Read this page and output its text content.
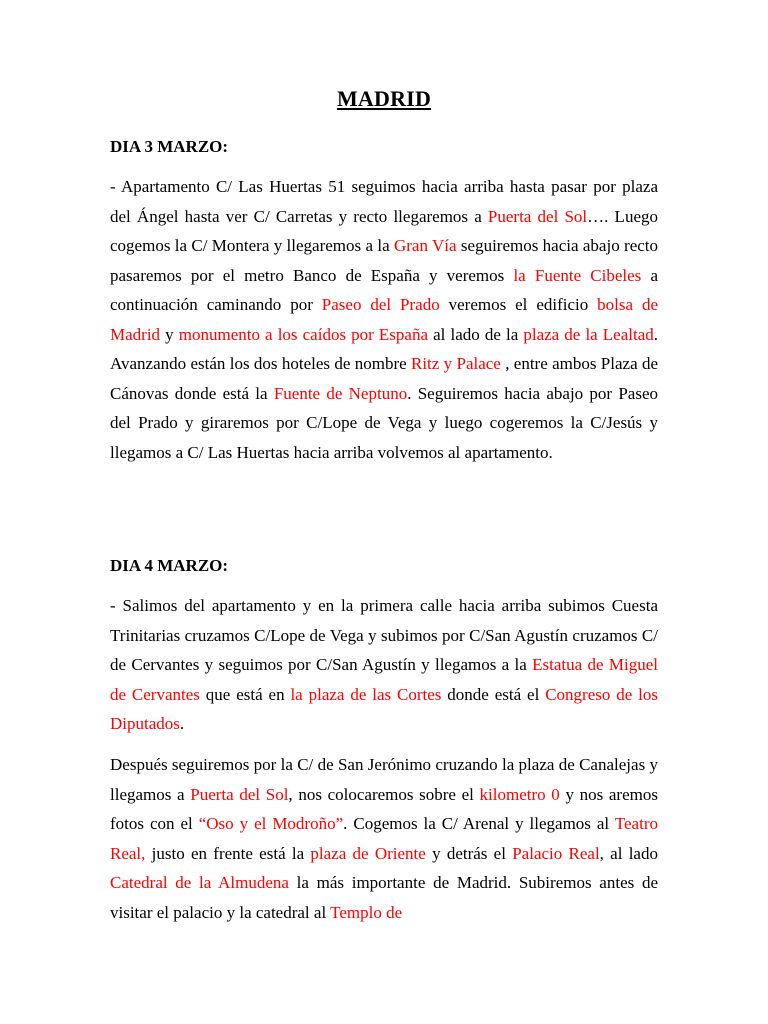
MADRID
DIA 3 MARZO:

- Apartamento C/ Las Huertas 51 seguimos hacia arriba hasta pasar por plaza del Ángel hasta ver C/ Carretas y recto llegaremos a Puerta del Sol…. Luego cogemos la C/ Montera y llegaremos a la Gran Vía seguiremos hacia abajo recto pasaremos por el metro Banco de España y veremos la Fuente Cibeles a continuación caminando por Paseo del Prado veremos el edificio bolsa de Madrid y monumento a los caídos por España al lado de la plaza de la Lealtad. Avanzando están los dos hoteles de nombre Ritz y Palace , entre ambos Plaza de Cánovas donde está la Fuente de Neptuno. Seguiremos hacia abajo por Paseo del Prado y giraremos por C/Lope de Vega y luego cogeremos la C/Jesús y llegamos a C/ Las Huertas hacia arriba volvemos al apartamento.

DIA 4 MARZO:

- Salimos del apartamento y en la primera calle hacia arriba subimos Cuesta Trinitarias cruzamos C/Lope de Vega y subimos por C/San Agustín cruzamos C/ de Cervantes y seguimos por C/San Agustín y llegamos a la Estatua de Miguel de Cervantes que está en la plaza de las Cortes donde está el Congreso de los Diputados.

Después seguiremos por la C/ de San Jerónimo cruzando la plaza de Canalejas y llegamos a Puerta del Sol, nos colocaremos sobre el kilometro 0 y nos aremos fotos con el “Oso y el Modroño”. Cogemos la C/ Arenal y llegamos al Teatro Real, justo en frente está la plaza de Oriente y detrás el Palacio Real, al lado Catedral de la Almudena la más importante de Madrid. Subiremos antes de visitar el palacio y la catedral al Templo de
